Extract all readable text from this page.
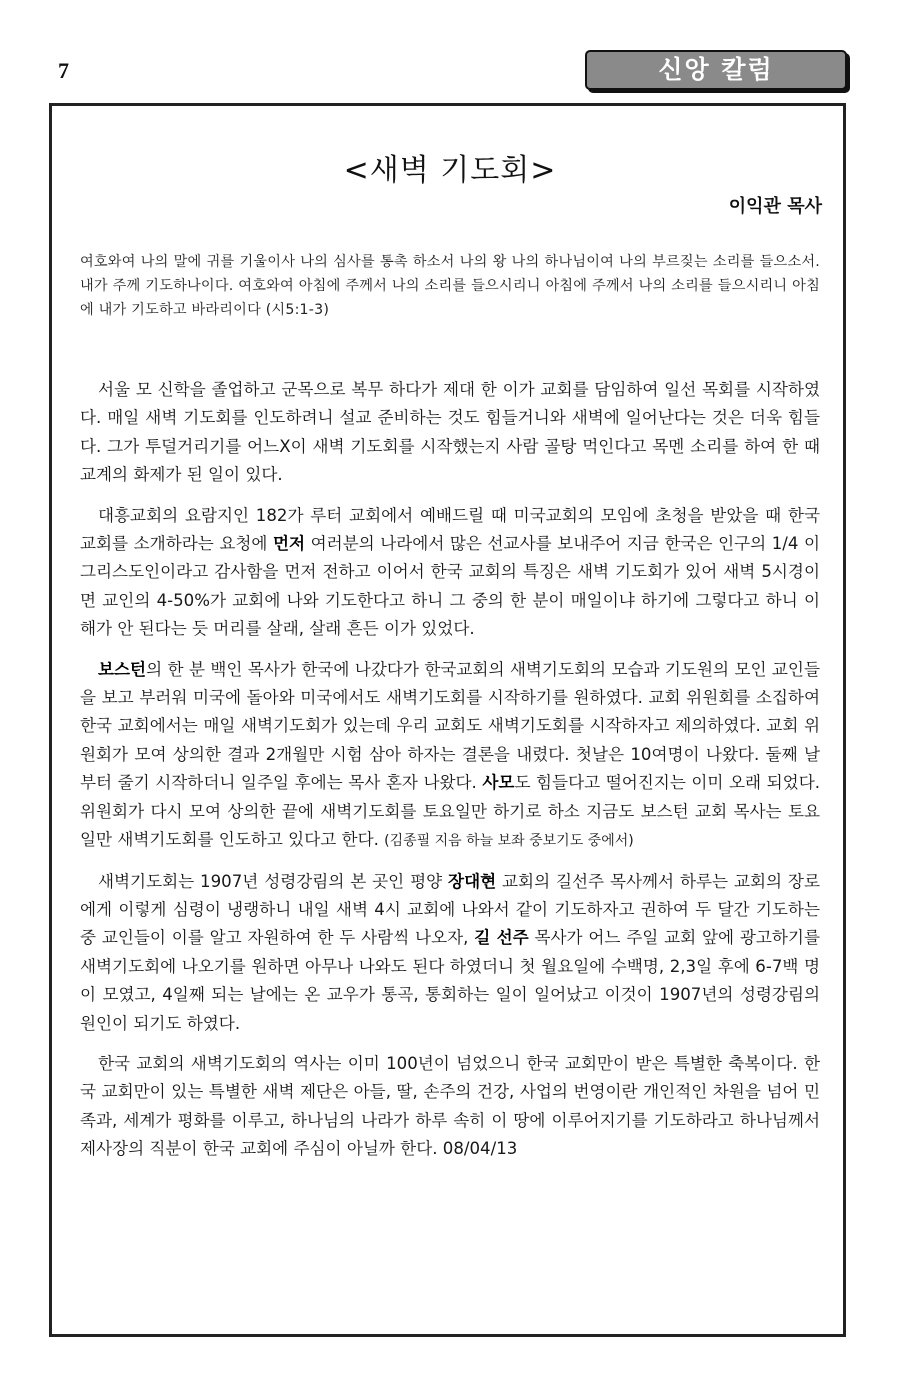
7	신앙 칼럼
<새벽 기도회>
이익관 목사

여호와여 나의 말에 귀를 기울이사 나의 심사를 통촉 하소서 나의 왕 나의 하나님이여 나의 부르짖는 소리를 들으소서. 내가 주께 기도하나이다. 여호와여 아침에 주께서 나의 소리를 들으시리니 아침에 주께서 나의 소리를 들으시리니 아침에 내가 기도하고 바라리이다 (시5:1-3)

서울 모 신학을 졸업하고 군목으로 복무 하다가 제대 한 이가 교회를 담임하여 일선 목회를 시작하였다. 매일 새벽 기도회를 인도하려니 설교 준비하는 것도 힘들거니와 새벽에 일어난다는 것은 더욱 힘들다. 그가 투덜거리기를 어느X이 새벽 기도회를 시작했는지 사람 골탕 먹인다고 목멘 소리를 하여 한 때 교계의 화제가 된 일이 있다.

대흥교회의 요람지인 182가 루터 교회에서 예배드릴 때 미국교회의 모임에 초청을 받았을 때 한국 교회를 소개하라는 요청에 먼저 여러분의 나라에서 많은 선교사를 보내주어 지금 한국은 인구의 1/4 이 그리스도인이라고 감사함을 먼저 전하고 이어서 한국 교회의 특징은 새벽 기도회가 있어 새벽 5시경이면 교인의 4-50%가 교회에 나와 기도한다고 하니 그 중의 한 분이 매일이냐 하기에 그렇다고 하니 이해가 안 된다는 듯 머리를 살래, 살래 흔든 이가 있었다.

보스턴의 한 분 백인 목사가 한국에 나갔다가 한국교회의 새벽기도회의 모습과 기도원의 모인 교인들을 보고 부러워 미국에 돌아와 미국에서도 새벽기도회를 시작하기를 원하였다. 교회 위원회를 소집하여 한국 교회에서는 매일 새벽기도회가 있는데 우리 교회도 새벽기도회를 시작하자고 제의하였다. 교회 위원회가 모여 상의한 결과 2개월만 시험 삼아 하자는 결론을 내렸다. 첫날은 10여명이 나왔다. 둘째 날부터 줄기 시작하더니 일주일 후에는 목사 혼자 나왔다. 사모도 힘들다고 떨어진지는 이미 오래 되었다. 위원회가 다시 모여 상의한 끝에 새벽기도회를 토요일만 하기로 하소 지금도 보스턴 교회 목사는 토요일만 새벽기도회를 인도하고 있다고 한다. (김종필 지음 하늘 보좌 중보기도 중에서)

새벽기도회는 1907년 성령강림의 본 곳인 평양 장대현 교회의 길선주 목사께서 하루는 교회의 장로에게 이렇게 심령이 냉랭하니 내일 새벽 4시 교회에 나와서 같이 기도하자고 권하여 두 달간 기도하는 중 교인들이 이를 알고 자원하여 한 두 사람씩 나오자, 길 선주 목사가 어느 주일 교회 앞에 광고하기를 새벽기도회에 나오기를 원하면 아무나 나와도 된다 하였더니 첫 월요일에 수백명, 2,3일 후에 6-7백 명이 모였고, 4일째 되는 날에는 온 교우가 통곡, 통회하는 일이 일어났고 이것이 1907년의 성령강림의 원인이 되기도 하였다.

한국 교회의 새벽기도회의 역사는 이미 100년이 넘었으니 한국 교회만이 받은 특별한 축복이다. 한국 교회만이 있는 특별한 새벽 제단은 아들, 딸, 손주의 건강, 사업의 번영이란 개인적인 차원을 넘어 민족과, 세계가 평화를 이루고, 하나님의 나라가 하루 속히 이 땅에 이루어지기를 기도하라고 하나님께서 제사장의 직분이 한국 교회에 주심이 아닐까 한다. 08/04/13
